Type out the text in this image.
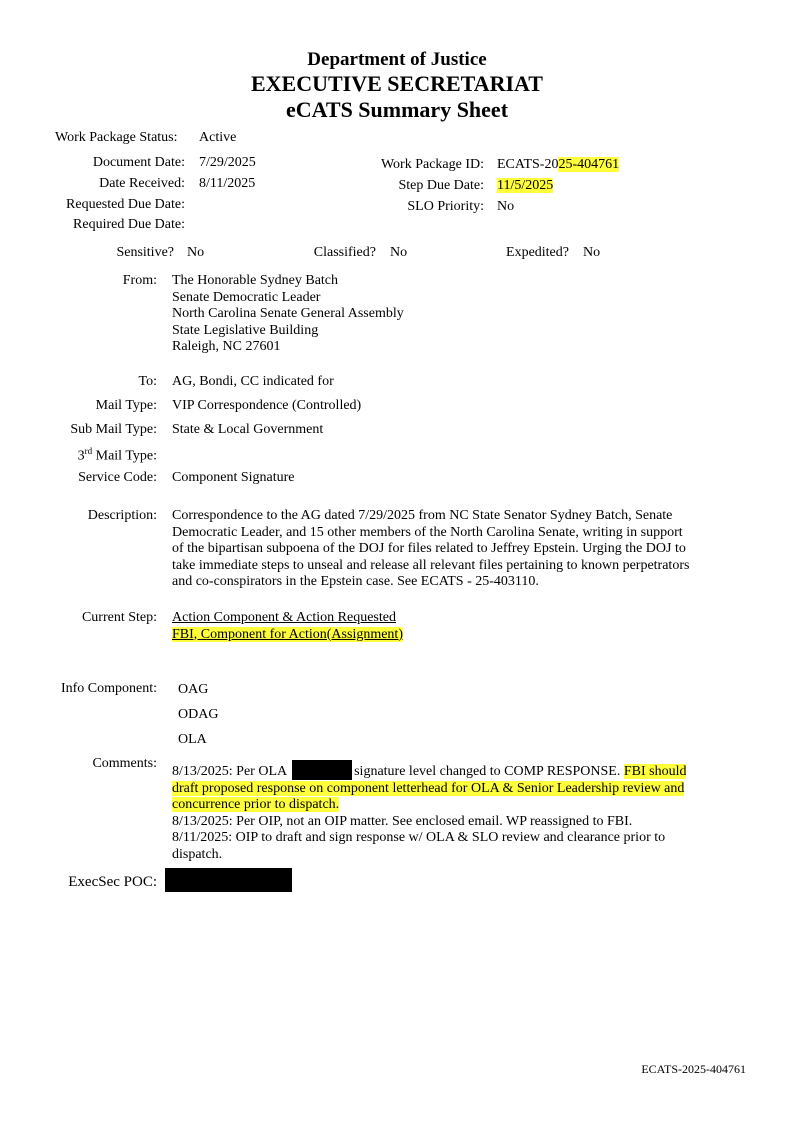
Department of Justice
EXECUTIVE SECRETARIAT
eCATS Summary Sheet
Work Package Status: Active
Document Date: 7/29/2025
Date Received: 8/11/2025
Requested Due Date:
Required Due Date:
Work Package ID: ECATS-2025-404761
Step Due Date: 11/5/2025
SLO Priority: No
Sensitive? No	Classified? No	Expedited? No
From: The Honorable Sydney Batch
Senate Democratic Leader
North Carolina Senate General Assembly
State Legislative Building
Raleigh, NC 27601
To: AG, Bondi, CC indicated for
Mail Type: VIP Correspondence (Controlled)
Sub Mail Type: State & Local Government
3rd Mail Type:
Service Code: Component Signature
Description: Correspondence to the AG dated 7/29/2025 from NC State Senator Sydney Batch, Senate
Democratic Leader, and 15 other members of the North Carolina Senate, writing in support
of the bipartisan subpoena of the DOJ for files related to Jeffrey Epstein. Urging the DOJ to
take immediate steps to unseal and release all relevant files pertaining to known perpetrators
and co-conspirators in the Epstein case. See ECATS - 25-403110.
Current Step: Action Component & Action Requested
FBI, Component for Action(Assignment)
Info Component: OAG
ODAG
OLA
Comments:
8/13/2025: Per OLA	, signature level changed to COMP RESPONSE. FBI should
draft proposed response on component letterhead for OLA & Senior Leadership review and
concurrence prior to dispatch.
8/13/2025: Per OIP, not an OIP matter. See enclosed email. WP reassigned to FBI.
8/11/2025: OIP to draft and sign response w/ OLA & SLO review and clearance prior to
dispatch.
ExecSec POC:
ECATS-2025-404761
